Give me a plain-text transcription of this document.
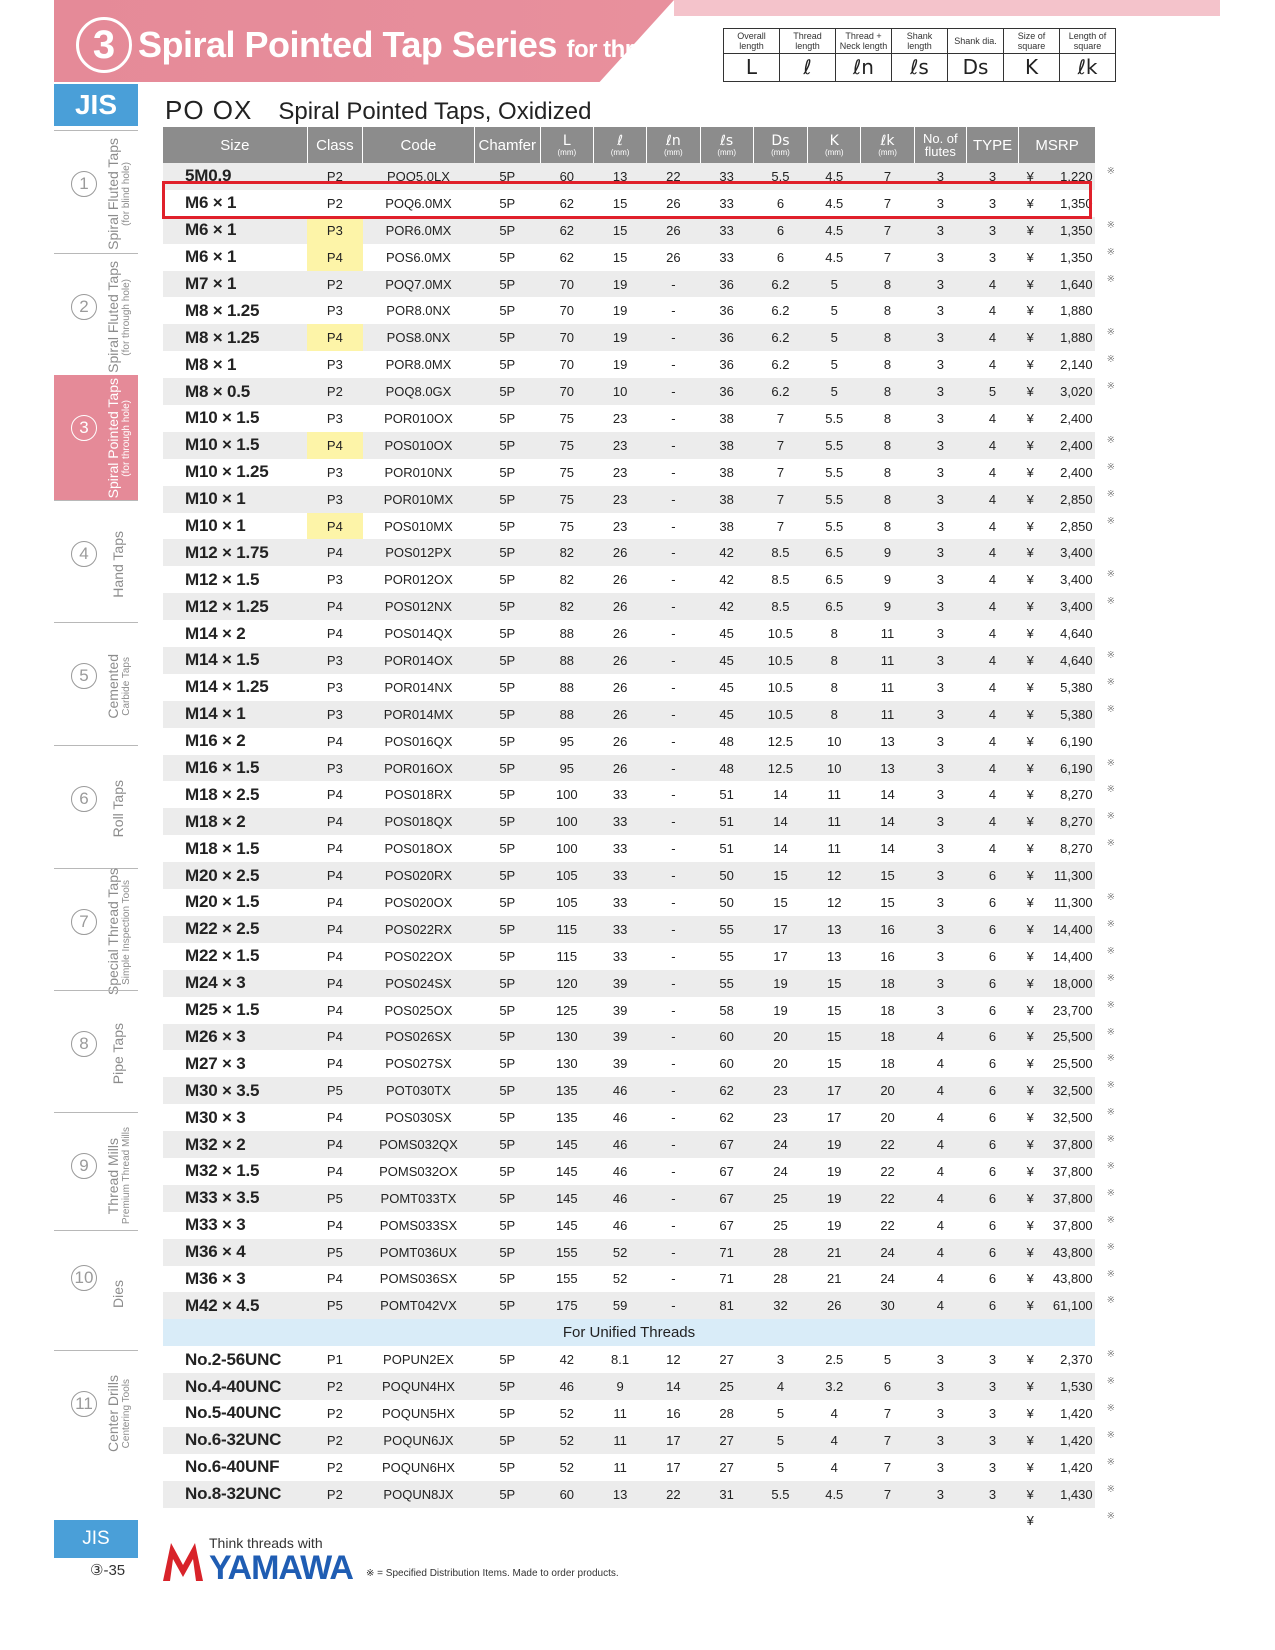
3 Spiral Pointed Tap Series for through hole
Overall length
L
Thread length
ℓ
Thread + Neck length
ℓn
Shank length
ℓs
Shank dia.
Ds
Size of square
K
Length of square
ℓk
JIS	PO OX Spiral Pointed Taps, Oxidized
1	Spiral Fluted Taps (for blind hole)
2	Spiral Fluted Taps (for through hole)
3	Spiral Pointed Taps (for through hole)
4	Hand Taps
5	Cemented Carbide Taps
6	Roll Taps
7	Special Thread Taps Simple Inspection Tools
8	Pipe Taps
9	Thread Mills Premium Thread Mills
10
Dies
11 Center Drills Centering Tools
Size	Class	Code	Chamfer	L
(mm)	ℓ
(mm)	ℓn
(mm)	ℓs
(mm)	Ds
(mm)	K
(mm)	ℓk
(mm)	No. of flutes	TYPE	MSRP
5M0.9	P2	POQ5.0LX	5P	60	13	22	33	5.5	4.5	7	3	3	¥ 1,220 ※

M6 × 1	P2	POQ6.0MX	5P	62	15	26	33	6	4.5	7	3	3	¥ 1,350
M6 × 1	P3	POR6.0MX	5P	62	15	26	33	6	4.5	7	3	3	¥ 1,350 ※

M6 × 1	P4	POS6.0MX	5P	62	15	26	33	6	4.5	7	3	3	¥ 1,350 ※

M7 × 1	P2	POQ7.0MX	5P	70	19	-	36	6.2	5	8	3	4	¥ 1,640 ※

M8 × 1.25	P3	POR8.0NX	5P	70	19	-	36	6.2	5	8	3	4	¥ 1,880
M8 × 1.25	P4	POS8.0NX	5P	70	19	-	36	6.2	5	8	3	4	¥ 1,880 ※

M8 × 1	P3	POR8.0MX	5P	70	19	-	36	6.2	5	8	3	4	¥ 2,140 ※

M8 × 0.5	P2	POQ8.0GX	5P	70	10	-	36	6.2	5	8	3	5	¥ 3,020 ※

M10 × 1.5	P3	POR010OX	5P	75	23	-	38	7	5.5	8	3	4	¥ 2,400
M10 × 1.5	P4	POS010OX	5P	75	23	-	38	7	5.5	8	3	4	¥ 2,400 ※

M10 × 1.25	P3	POR010NX	5P	75	23	-	38	7	5.5	8	3	4	¥ 2,400 ※

M10 × 1	P3	POR010MX	5P	75	23	-	38	7	5.5	8	3	4	¥ 2,850 ※

M10 × 1	P4	POS010MX	5P	75	23	-	38	7	5.5	8	3	4	¥ 2,850 ※

M12 × 1.75	P4	POS012PX	5P	82	26	-	42	8.5	6.5	9	3	4	¥ 3,400
M12 × 1.5	P3	POR012OX	5P	82	26	-	42	8.5	6.5	9	3	4	¥ 3,400 ※

M12 × 1.25	P4	POS012NX	5P	82	26	-	42	8.5	6.5	9	3	4	¥ 3,400 ※

M14 × 2	P4	POS014QX	5P	88	26	-	45	10.5	8	11	3	4	¥ 4,640
M14 × 1.5	P3	POR014OX	5P	88	26	-	45	10.5	8	11	3	4	¥ 4,640 ※

M14 × 1.25	P3	POR014NX	5P	88	26	-	45	10.5	8	11	3	4	¥ 5,380 ※

M14 × 1	P3	POR014MX	5P	88	26	-	45	10.5	8	11	3	4	¥ 5,380 ※

M16 × 2	P4	POS016QX	5P	95	26	-	48	12.5	10	13	3	4	¥ 6,190
M16 × 1.5	P3	POR016OX	5P	95	26	-	48	12.5	10	13	3	4	¥ 6,190 ※

M18 × 2.5	P4	POS018RX	5P	100	33	-	51	14	11	14	3	4	¥ 8,270 ※

M18 × 2	P4	POS018QX	5P	100	33	-	51	14	11	14	3	4	¥ 8,270 ※

M18 × 1.5	P4	POS018OX	5P	100	33	-	51	14	11	14	3	4	¥ 8,270 ※

M20 × 2.5	P4	POS020RX	5P	105	33	-	50	15	12	15	3	6	¥ 11,300
M20 × 1.5	P4	POS020OX	5P	105	33	-	50	15	12	15	3	6	¥ 11,300 ※

M22 × 2.5	P4	POS022RX	5P	115	33	-	55	17	13	16	3	6	¥ 14,400 ※

M22 × 1.5	P4	POS022OX	5P	115	33	-	55	17	13	16	3	6	¥ 14,400 ※

M24 × 3	P4	POS024SX	5P	120	39	-	55	19	15	18	3	6	¥ 18,000 ※

M25 × 1.5	P4	POS025OX	5P	125	39	-	58	19	15	18	3	6	¥ 23,700 ※

M26 × 3	P4	POS026SX	5P	130	39	-	60	20	15	18	4	6	¥ 25,500 ※

M27 × 3	P4	POS027SX	5P	130	39	-	60	20	15	18	4	6	¥ 25,500 ※

M30 × 3.5	P5	POT030TX	5P	135	46	-	62	23	17	20	4	6	¥ 32,500 ※

M30 × 3	P4	POS030SX	5P	135	46	-	62	23	17	20	4	6	¥ 32,500 ※

M32 × 2	P4	POMS032QX	5P	145	46	-	67	24	19	22	4	6	¥ 37,800 ※

M32 × 1.5	P4	POMS032OX	5P	145	46	-	67	24	19	22	4	6	¥ 37,800 ※

M33 × 3.5	P5	POMT033TX	5P	145	46	-	67	25	19	22	4	6	¥ 37,800 ※

M33 × 3	P4	POMS033SX	5P	145	46	-	67	25	19	22	4	6	¥ 37,800 ※

M36 × 4	P5	POMT036UX	5P	155	52	-	71	28	21	24	4	6	¥ 43,800 ※

M36 × 3	P4	POMS036SX	5P	155	52	-	71	28	21	24	4	6	¥ 43,800 ※

M42 × 4.5	P5	POMT042VX	5P	175	59	-	81	32	26	30	4	6	¥ 61,100 ※

For Unified Threads													
No.2-56UNC	P1	POPUN2EX	5P	42	8.1	12	27	3	2.5	5	3	3	¥ 2,370 ※

No.4-40UNC	P2	POQUN4HX	5P	46	9	14	25	4	3.2	6	3	3	¥ 1,530 ※

No.5-40UNC	P2	POQUN5HX	5P	52	11	16	28	5	4	7	3	3	¥ 1,420 ※

No.6-32UNC	P2	POQUN6JX	5P	52	11	17	27	5	4	7	3	3	¥ 1,420 ※

No.6-40UNF	P2	POQUN6HX	5P	52	11	17	27	5	4	7	3	3	¥ 1,420 ※

No.8-32UNC	P2	POQUN8JX	5P	60	13	22	31	5.5	4.5	7	3	3	¥ 1,430 ※

													¥ ※
JIS
③-35
Think threads with
YAMAWA ※ = Specified Distribution Items. Made to order products.
